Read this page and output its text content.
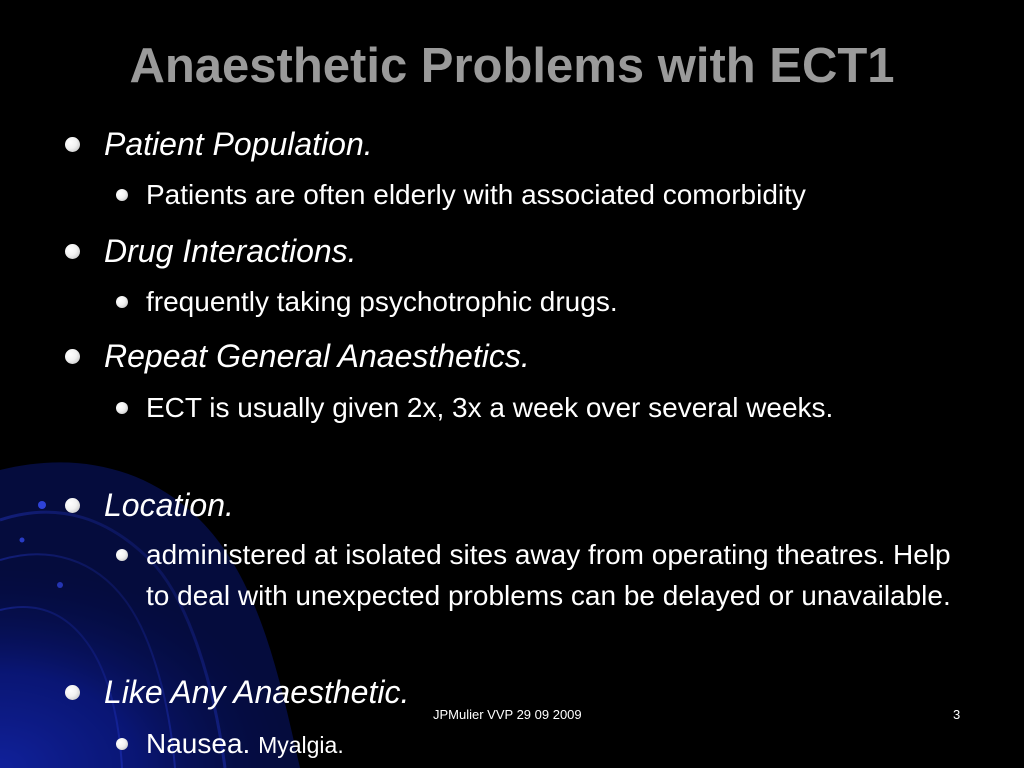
Anaesthetic Problems with ECT1
Patient Population.
Patients are often elderly with associated comorbidity
Drug Interactions.
frequently taking psychotrophic drugs.
Repeat General Anaesthetics.
ECT is usually given 2x, 3x a week over several weeks.
Location.
administered at isolated sites away from operating theatres. Help to deal with unexpected problems can be delayed or unavailable.
Like Any Anaesthetic.
Nausea. Myalgia.
JPMulier VVP 29 09 2009	3
